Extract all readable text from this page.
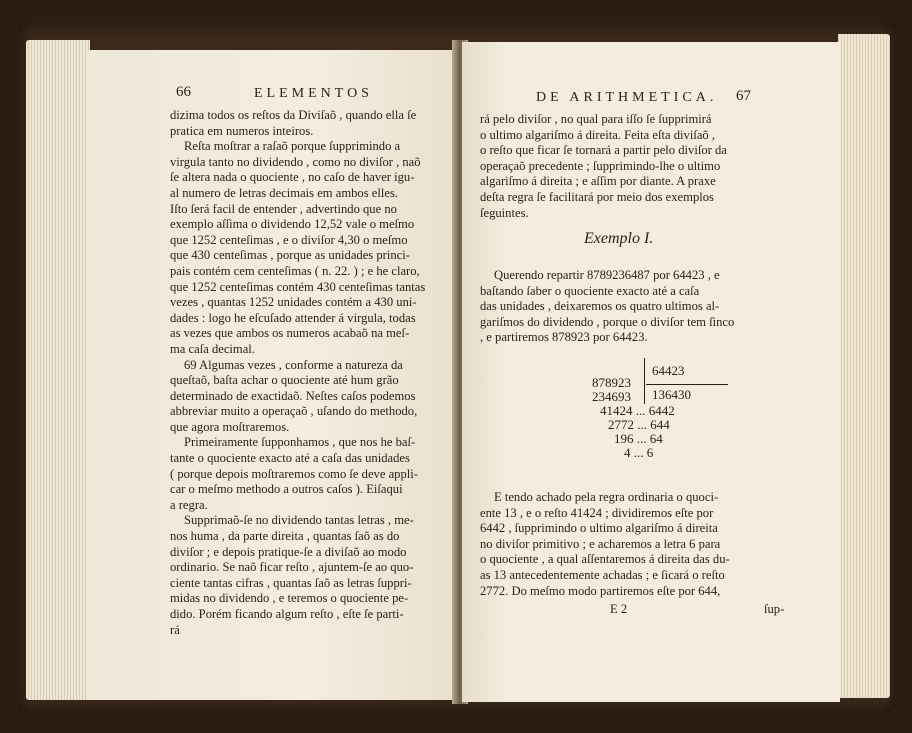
66	ELEMENTOS

dizima todos os reſtos da Diviſaõ , quando ella ſe

pratica em numeros inteiros.

Reſta moſtrar a raſaõ porque ſupprimindo a

virgula tanto no dividendo , como no diviſor , naõ

ſe altera nada o quociente , no caſo de haver igu-

al numero de letras decimais em ambos elles.

Iſto ſerá facil de entender , advertindo que no

exemplo aſſima o dividendo 12,52 vale o meſmo

que 1252 centeſimas , e o diviſor 4,30 o meſmo

que 430 centeſimas , porque as unidades princi-

pais contém cem centeſimas ( n. 22. ) ; e he claro,

que 1252 centeſimas contém 430 centeſimas tantas

vezes , quantas 1252 unidades contém a 430 uni-

dades : logo he eſcuſado attender á virgula, todas

as vezes que ambos os numeros acabaõ na meſ-

ma caſa decimal.

69 Algumas vezes , conforme a natureza da

queſtaõ, baſta achar o quociente até hum grão

determinado de exactidaõ. Neſtes caſos podemos

abbreviar muito a operaçaõ , uſando do methodo,

que agora moſtraremos.

Primeiramente ſupponhamos , que nos he baſ-

tante o quociente exacto até a caſa das unidades

( porque depois moſtraremos como ſe deve appli-

car o meſmo methodo a outros caſos ). Eiſaqui

a regra.

Supprimaõ-ſe no dividendo tantas letras , me-

nos huma , da parte direita , quantas ſaõ as do

diviſor ; e depois pratique-ſe a diviſaõ ao modo

ordinario. Se naõ ficar reſto , ajuntem-ſe ao quo-

ciente tantas cifras , quantas ſaõ as letras ſuppri-

midas no dividendo , e teremos o quociente pe-

dido. Porém ficando algum reſto , eſte ſe parti-

rá

DE ARITHMETICA. 67

rá pelo diviſor , no qual para iſſo ſe ſupprimirá

o ultimo algariſmo á direita. Feita eſta diviſaõ ,

o reſto que ficar ſe tornará a partir pelo diviſor da

operaçaõ precedente ; ſupprimindo-lhe o ultimo

algariſmo á direita ; e aſſim por diante. A praxe

deſta regra ſe facilitará por meio dos exemplos

ſeguintes.

Exemplo I.

Querendo repartir 8789236487 por 64423 , e

baſtando ſaber o quociente exacto até a caſa

das unidades , deixaremos os quatro ultimos al-

gariſmos do dividendo , porque o diviſor tem ſinco

, e partiremos 878923 por 64423.

64423
136430
878923
234693
41424 ... 6442
2772 ... 644
196 ... 64
4 ... 6

E tendo achado pela regra ordinaria o quoci-

ente 13 , e o reſto 41424 ; dividiremos eſte por

6442 , ſupprimindo o ultimo algariſmo á direita

no diviſor primitivo ; e acharemos a letra 6 para

o quociente , a qual aſſentaremos á direita das du-

as 13 antecedentemente achadas ; e ſicará o reſto

2772. Do meſmo modo partiremos eſte por 644,

E 2	ſup-
